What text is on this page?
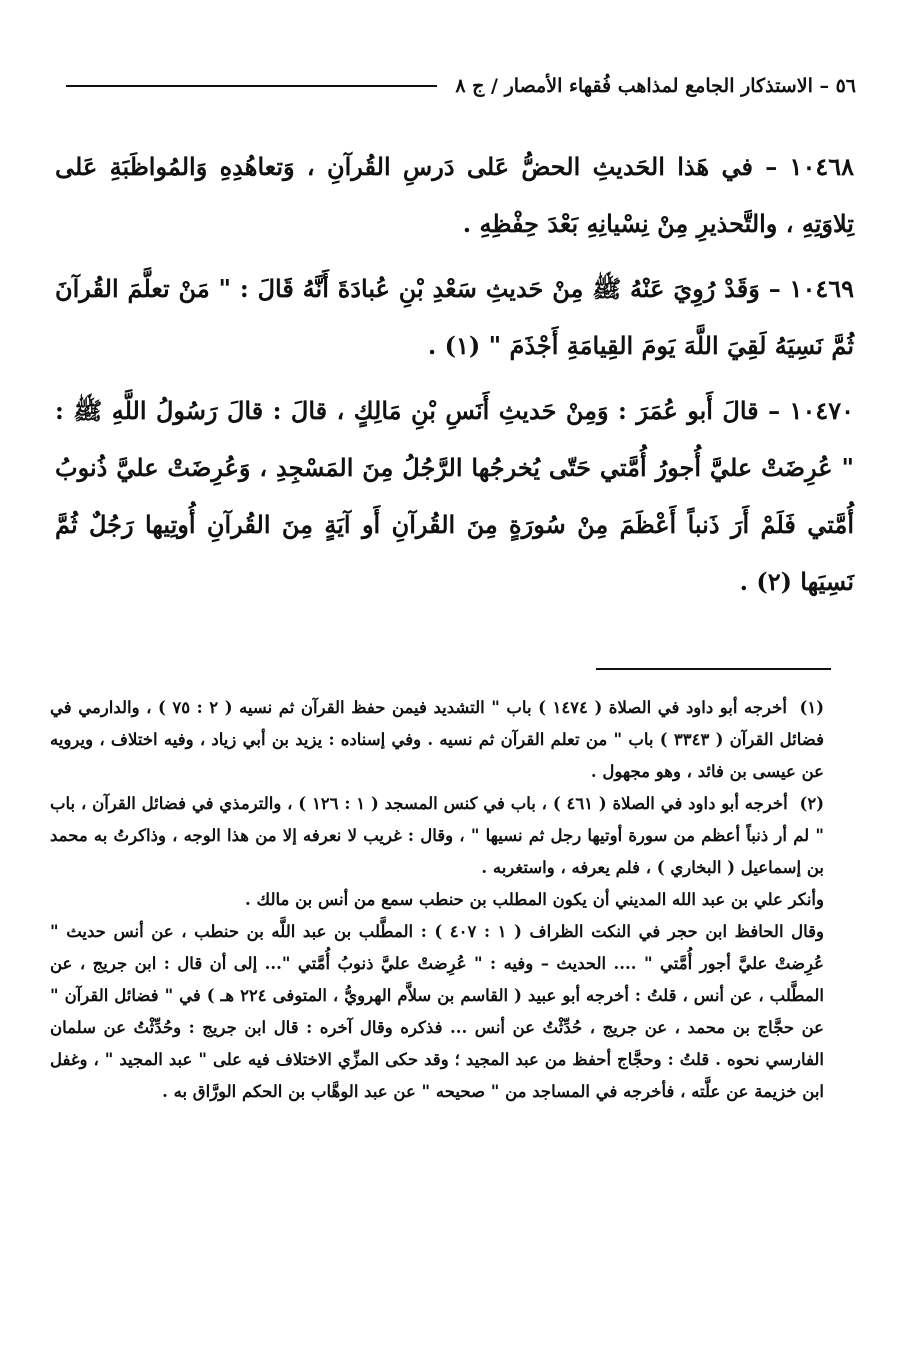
٥٦ – الاستذكار الجامع لمذاهب فُقهاء الأمصار / ج ٨

١٠٤٦٨ – في هَذا الحَديثِ الحضُّ عَلى دَرسِ القُرآنِ ، وَتعاهُدِهِ وَالمُواظَبَةِ عَلى تِلاوَتِهِ ، والتَّحذيرِ مِنْ نِسْيانِهِ بَعْدَ حِفْظِهِ .

١٠٤٦٩ – وَقَدْ رُوِيَ عَنْهُ ﷺ مِنْ حَديثِ سَعْدِ بْنِ عُبادَةَ أَنَّهُ قَالَ : " مَنْ تعلَّمَ القُرآنَ ثُمَّ نَسِيَهُ لَقِيَ اللَّهَ يَومَ القِيامَةِ أَجْذَمَ " (١) .

١٠٤٧٠ – قالَ أَبو عُمَرَ : وَمِنْ حَديثِ أَنَسِ بْنِ مَالِكٍ ، قالَ : قالَ رَسُولُ اللَّهِ ﷺ : " عُرِضَتْ عليَّ أُجورُ أُمَّتي حَتّى يُخرجُها الرَّجُلُ مِنَ المَسْجِدِ ، وَعُرِضَتْ عليَّ ذُنوبُ أُمَّتي فَلَمْ أَرَ ذَنباً أَعْظَمَ مِنْ سُورَةٍ مِنَ القُرآنِ أَو آيَةٍ مِنَ القُرآنِ أُوتِيها رَجُلٌ ثُمَّ نَسِيَها (٢) .

(١) أخرجه أبو داود في الصلاة ( ١٤٧٤ ) باب " التشديد فيمن حفظ القرآن ثم نسيه ( ٢ : ٧٥ ) ، والدارمي في فضائل القرآن ( ٣٣٤٣ ) باب " من تعلم القرآن ثم نسيه . وفي إسناده : يزيد بن أبي زياد ، وفيه اختلاف ، ويرويه عن عيسى بن فائد ، وهو مجهول .

(٢) أخرجه أبو داود في الصلاة ( ٤٦١ ) ، باب في كنس المسجد ( ١ : ١٢٦ ) ، والترمذي في فضائل القرآن ، باب " لم أر ذنباً أعظم من سورة أوتيها رجل ثم نسيها " ، وقال : غريب لا نعرفه إلا من هذا الوجه ، وذاكرتُ به محمد بن إسماعيل ( البخاري ) ، فلم يعرفه ، واستغربه .

وأنكر علي بن عبد الله المديني أن يكون المطلب بن حنطب سمع من أنس بن مالك .

وقال الحافظ ابن حجر في النكت الظراف ( ١ : ٤٠٧ ) : المطَّلب بن عبد اللَّه بن حنطب ، عن أنس حديث " عُرِضتْ عليَّ أجور أُمَّتي " .... الحديث – وفيه : " عُرِضتْ عليَّ ذنوبُ أُمَّتي "... إلى أن قال : ابن جريج ، عن المطَّلب ، عن أنس ، قلتُ : أخرجه أبو عبيد ( القاسم بن سلاَّم الهرويُّ ، المتوفى ٢٢٤ هـ ) في " فضائل القرآن " عن حجَّاج بن محمد ، عن جريج ، حُدِّثْتُ عن أنس ... فذكره وقال آخره : قال ابن جريج : وحُدِّثْتُ عن سلمان الفارسي نحوه . قلتُ : وحجَّاج أحفظ من عبد المجيد ؛ وقد حكى المزِّي الاختلاف فيه على " عبد المجيد " ، وغفل ابن خزيمة عن علَّته ، فأخرجه في المساجد من " صحيحه " عن عبد الوهَّاب بن الحكم الورَّاق به .
